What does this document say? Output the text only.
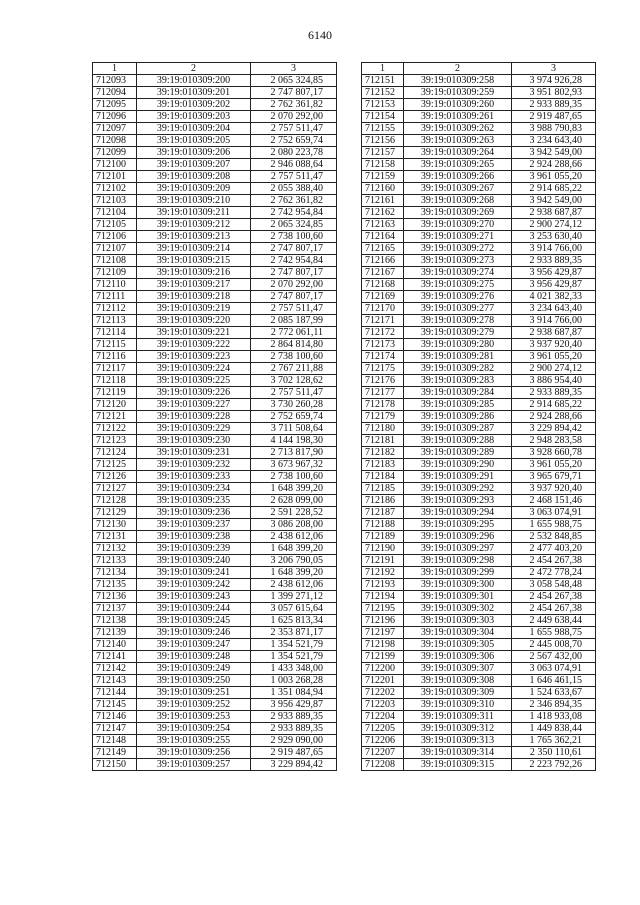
6140
1	2	3
712093	39:19:010309:200	2 065 324,85
712094	39:19:010309:201	2 747 807,17
712095	39:19:010309:202	2 762 361,82
712096	39:19:010309:203	2 070 292,00
712097	39:19:010309:204	2 757 511,47
712098	39:19:010309:205	2 752 659,74
712099	39:19:010309:206	2 080 223,78
712100	39:19:010309:207	2 946 088,64
712101	39:19:010309:208	2 757 511,47
712102	39:19:010309:209	2 055 388,40
712103	39:19:010309:210	2 762 361,82
712104	39:19:010309:211	2 742 954,84
712105	39:19:010309:212	2 065 324,85
712106	39:19:010309:213	2 738 100,60
712107	39:19:010309:214	2 747 807,17
712108	39:19:010309:215	2 742 954,84
712109	39:19:010309:216	2 747 807,17
712110	39:19:010309:217	2 070 292,00
712111	39:19:010309:218	2 747 807,17
712112	39:19:010309:219	2 757 511,47
712113	39:19:010309:220	2 085 187,99
712114	39:19:010309:221	2 772 061,11
712115	39:19:010309:222	2 864 814,80
712116	39:19:010309:223	2 738 100,60
712117	39:19:010309:224	2 767 211,88
712118	39:19:010309:225	3 702 128,62
712119	39:19:010309:226	2 757 511,47
712120	39:19:010309:227	3 730 260,28
712121	39:19:010309:228	2 752 659,74
712122	39:19:010309:229	3 711 508,64
712123	39:19:010309:230	4 144 198,30
712124	39:19:010309:231	2 713 817,90
712125	39:19:010309:232	3 673 967,32
712126	39:19:010309:233	2 738 100,60
712127	39:19:010309:234	1 648 399,20
712128	39:19:010309:235	2 628 099,00
712129	39:19:010309:236	2 591 228,52
712130	39:19:010309:237	3 086 208,00
712131	39:19:010309:238	2 438 612,06
712132	39:19:010309:239	1 648 399,20
712133	39:19:010309:240	3 206 790,05
712134	39:19:010309:241	1 648 399,20
712135	39:19:010309:242	2 438 612,06
712136	39:19:010309:243	1 399 271,12
712137	39:19:010309:244	3 057 615,64
712138	39:19:010309:245	1 625 813,34
712139	39:19:010309:246	2 353 871,17
712140	39:19:010309:247	1 354 521,79
712141	39:19:010309:248	1 354 521,79
712142	39:19:010309:249	1 433 348,00
712143	39:19:010309:250	1 003 268,28
712144	39:19:010309:251	1 351 084,94
712145	39:19:010309:252	3 956 429,87
712146	39:19:010309:253	2 933 889,35
712147	39:19:010309:254	2 933 889,35
712148	39:19:010309:255	2 929 090,00
712149	39:19:010309:256	2 919 487,65
712150	39:19:010309:257	3 229 894,42
1	2	3
712151	39:19:010309:258	3 974 926,28
712152	39:19:010309:259	3 951 802,93
712153	39:19:010309:260	2 933 889,35
712154	39:19:010309:261	2 919 487,65
712155	39:19:010309:262	3 988 790,83
712156	39:19:010309:263	3 234 643,40
712157	39:19:010309:264	3 942 549,00
712158	39:19:010309:265	2 924 288,66
712159	39:19:010309:266	3 961 055,20
712160	39:19:010309:267	2 914 685,22
712161	39:19:010309:268	3 942 549,00
712162	39:19:010309:269	2 938 687,87
712163	39:19:010309:270	2 900 274,12
712164	39:19:010309:271	3 253 630,40
712165	39:19:010309:272	3 914 766,00
712166	39:19:010309:273	2 933 889,35
712167	39:19:010309:274	3 956 429,87
712168	39:19:010309:275	3 956 429,87
712169	39:19:010309:276	4 021 382,33
712170	39:19:010309:277	3 234 643,40
712171	39:19:010309:278	3 914 766,00
712172	39:19:010309:279	2 938 687,87
712173	39:19:010309:280	3 937 920,40
712174	39:19:010309:281	3 961 055,20
712175	39:19:010309:282	2 900 274,12
712176	39:19:010309:283	3 886 954,40
712177	39:19:010309:284	2 933 889,35
712178	39:19:010309:285	2 914 685,22
712179	39:19:010309:286	2 924 288,66
712180	39:19:010309:287	3 229 894,42
712181	39:19:010309:288	2 948 283,58
712182	39:19:010309:289	3 928 660,78
712183	39:19:010309:290	3 961 055,20
712184	39:19:010309:291	3 965 679,71
712185	39:19:010309:292	3 937 920,40
712186	39:19:010309:293	2 468 151,46
712187	39:19:010309:294	3 063 074,91
712188	39:19:010309:295	1 655 988,75
712189	39:19:010309:296	2 532 848,85
712190	39:19:010309:297	2 477 403,20
712191	39:19:010309:298	2 454 267,38
712192	39:19:010309:299	2 472 778,24
712193	39:19:010309:300	3 058 548,48
712194	39:19:010309:301	2 454 267,38
712195	39:19:010309:302	2 454 267,38
712196	39:19:010309:303	2 449 638,44
712197	39:19:010309:304	1 655 988,75
712198	39:19:010309:305	2 445 008,70
712199	39:19:010309:306	2 567 432,00
712200	39:19:010309:307	3 063 074,91
712201	39:19:010309:308	1 646 461,15
712202	39:19:010309:309	1 524 633,67
712203	39:19:010309:310	2 346 894,35
712204	39:19:010309:311	1 418 933,08
712205	39:19:010309:312	1 449 838,44
712206	39:19:010309:313	1 765 362,21
712207	39:19:010309:314	2 350 110,61
712208	39:19:010309:315	2 223 792,26
